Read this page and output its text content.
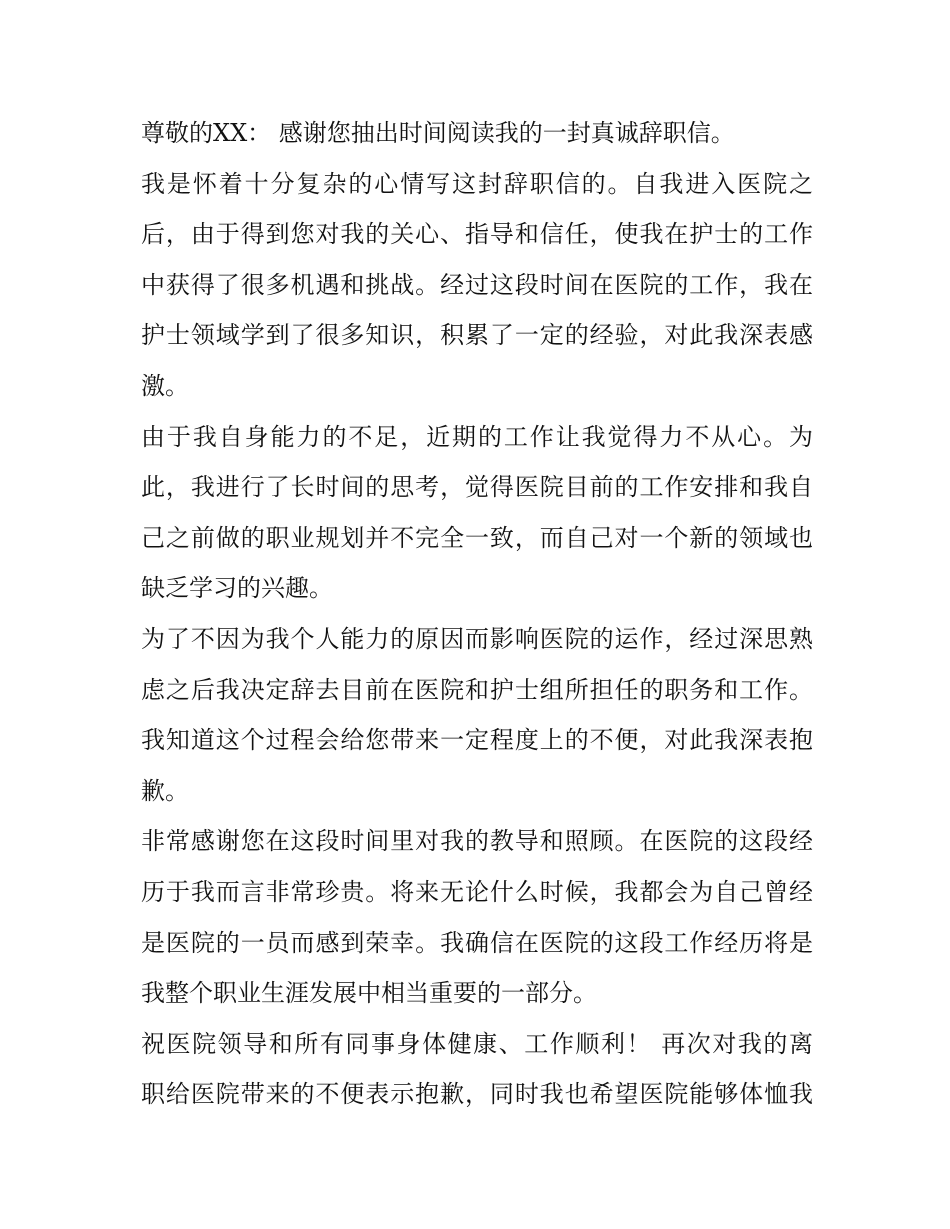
尊敬的XX： 感谢您抽出时间阅读我的一封真诚辞职信。
我是怀着十分复杂的心情写这封辞职信的。自我进入医院之
后，由于得到您对我的关心、指导和信任，使我在护士的工作
中获得了很多机遇和挑战。经过这段时间在医院的工作，我在
护士领域学到了很多知识，积累了一定的经验，对此我深表感
激。
由于我自身能力的不足，近期的工作让我觉得力不从心。为
此，我进行了长时间的思考，觉得医院目前的工作安排和我自
己之前做的职业规划并不完全一致，而自己对一个新的领域也
缺乏学习的兴趣。
为了不因为我个人能力的原因而影响医院的运作，经过深思熟
虑之后我决定辞去目前在医院和护士组所担任的职务和工作。
我知道这个过程会给您带来一定程度上的不便，对此我深表抱
歉。
非常感谢您在这段时间里对我的教导和照顾。在医院的这段经
历于我而言非常珍贵。将来无论什么时候，我都会为自己曾经
是医院的一员而感到荣幸。我确信在医院的这段工作经历将是
我整个职业生涯发展中相当重要的一部分。
祝医院领导和所有同事身体健康、工作顺利！ 再次对我的离
职给医院带来的不便表示抱歉，同时我也希望医院能够体恤我
